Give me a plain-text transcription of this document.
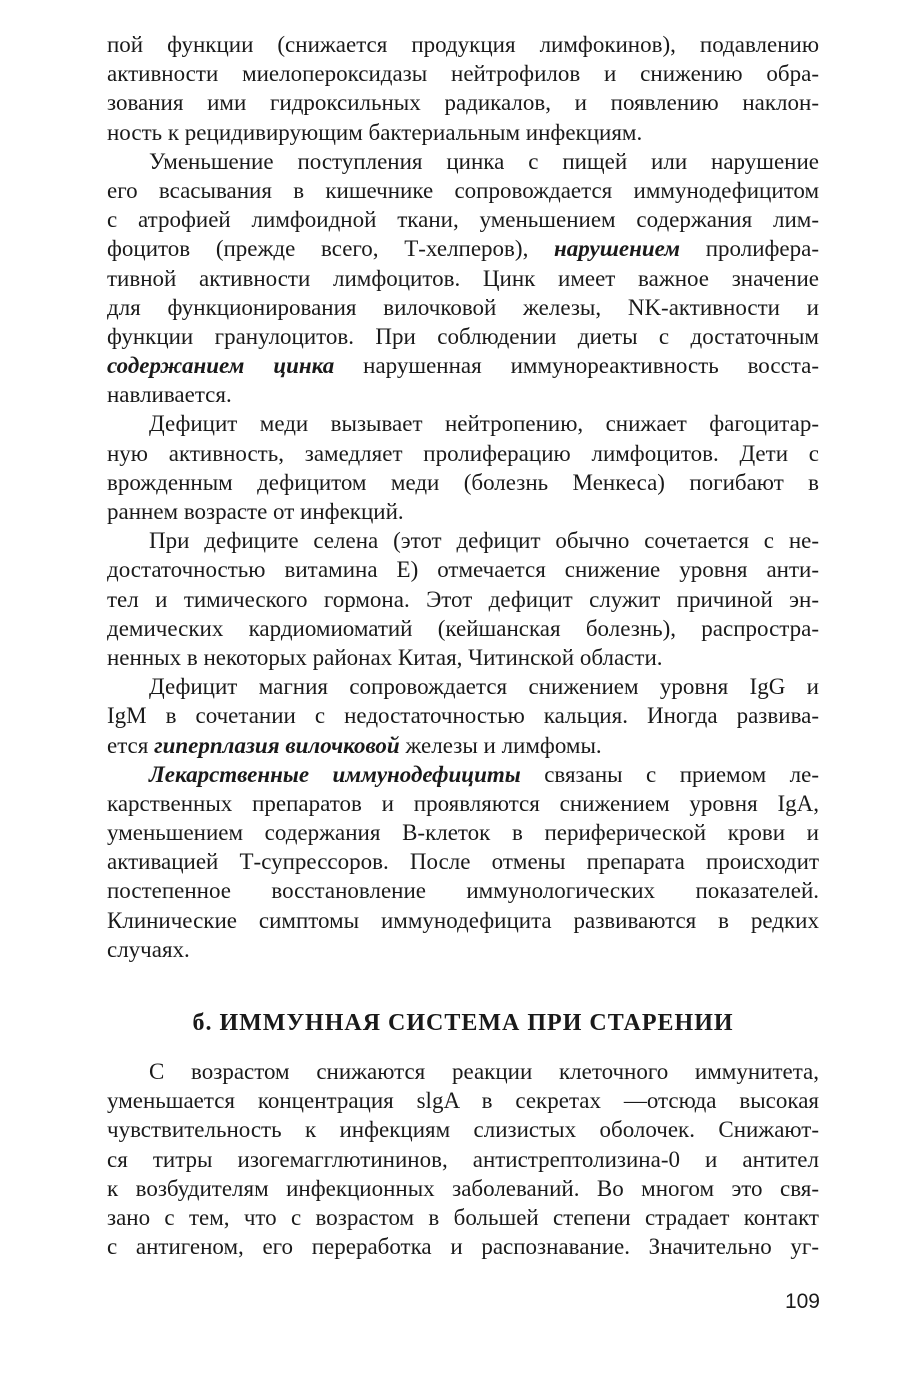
пой функции (снижается продукция лимфокинов), подавлению
активности миелопероксидазы нейтрофилов и снижению обра-
зования ими гидроксильных радикалов, и появлению наклон-
ность к рецидивирующим бактериальным инфекциям.
Уменьшение поступления цинка с пищей или нарушение
его всасывания в кишечнике сопровождается иммунодефицитом
с атрофией лимфоидной ткани, уменьшением содержания лим-
фоцитов (прежде всего, Т-хелперов), нарушением пролифера-
тивной активности лимфоцитов. Цинк имеет важное значение
для функционирования вилочковой железы, NK-активности и
функции гранулоцитов. При соблюдении диеты с достаточным
содержанием цинка нарушенная иммунореактивность восста-
навливается.
Дефицит меди вызывает нейтропению, снижает фагоцитар-
ную активность, замедляет пролиферацию лимфоцитов. Дети с
врожденным дефицитом меди (болезнь Менкеса) погибают в
раннем возрасте от инфекций.
При дефиците селена (этот дефицит обычно сочетается с не-
достаточностью витамина Е) отмечается снижение уровня анти-
тел и тимического гормона. Этот дефицит служит причиной эн-
демических кардиомиоматий (кейшанская болезнь), распростра-
ненных в некоторых районах Китая, Читинской области.
Дефицит магния сопровождается снижением уровня IgG и
IgM в сочетании с недостаточностью кальция. Иногда развива-
ется гиперплазия вилочковой железы и лимфомы.
Лекарственные иммунодефициты связаны с приемом ле-
карственных препаратов и проявляются снижением уровня IgA,
уменьшением содержания В-клеток в периферической крови и
активацией Т-супрессоров. После отмены препарата происходит
постепенное восстановление иммунологических показателей.
Клинические симптомы иммунодефицита развиваются в редких
случаях.
б. ИММУННАЯ СИСТЕМА ПРИ СТАРЕНИИ
С возрастом снижаются реакции клеточного иммунитета,
уменьшается концентрация slgA в секретах —отсюда высокая
чувствительность к инфекциям слизистых оболочек. Снижают-
ся титры изогемагглютининов, антистрептолизина-0 и антител
к возбудителям инфекционных заболеваний. Во многом это свя-
зано с тем, что с возрастом в большей степени страдает контакт
с антигеном, его переработка и распознавание. Значительно уг-
109
